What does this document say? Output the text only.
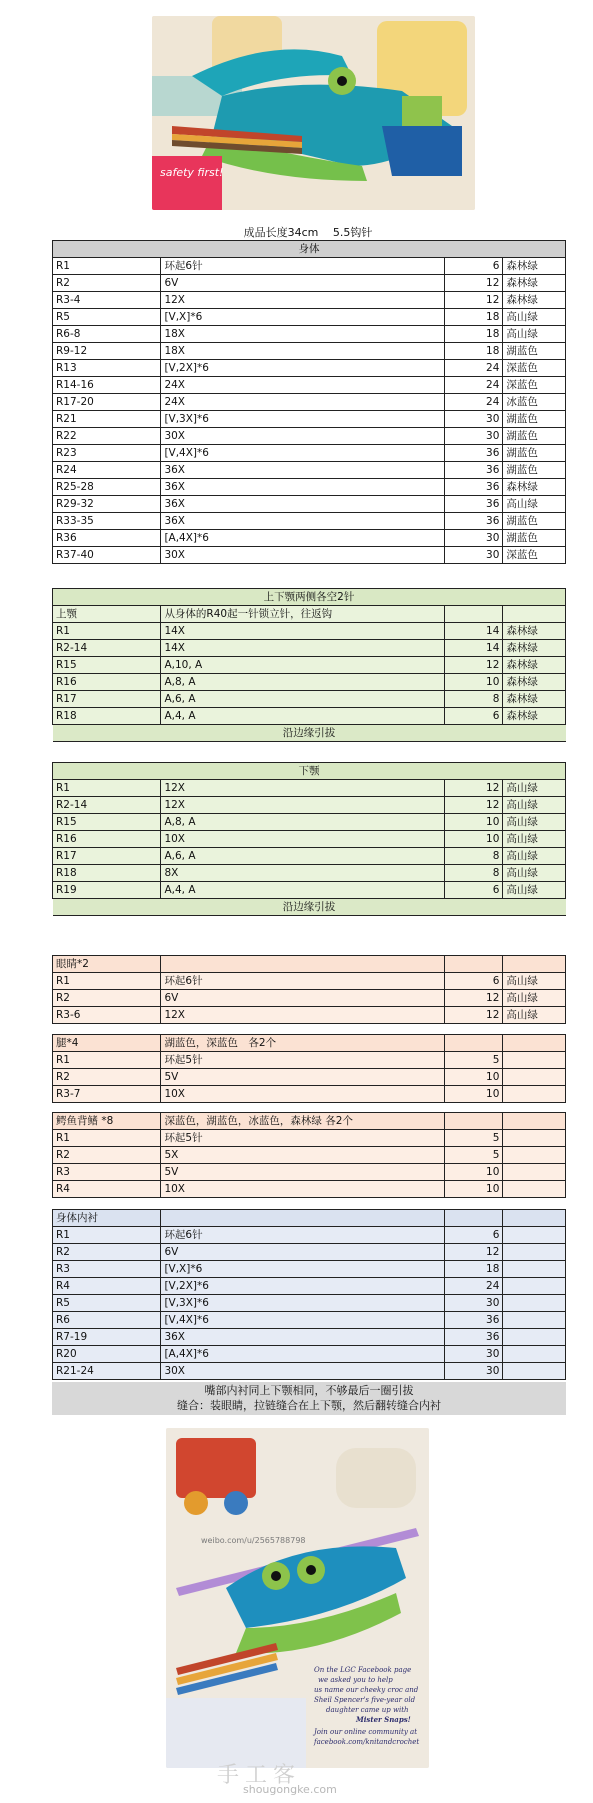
safety first!
成品长度34cm　 5.5钩针
身体			
R1	环起6针	6	森林绿
R2	6V	12	森林绿
R3-4	12X	12	森林绿
R5	[V,X]*6	18	高山绿
R6-8	18X	18	高山绿
R9-12	18X	18	湖蓝色
R13	[V,2X]*6	24	深蓝色
R14-16	24X	24	深蓝色
R17-20	24X	24	冰蓝色
R21	[V,3X]*6	30	湖蓝色
R22	30X	30	湖蓝色
R23	[V,4X]*6	36	湖蓝色
R24	36X	36	湖蓝色
R25-28	36X	36	森林绿
R29-32	36X	36	高山绿
R33-35	36X	36	湖蓝色
R36	[A,4X]*6	30	湖蓝色
R37-40	30X	30	深蓝色
上下颚两侧各空2针			
上颚	从身体的R40起一针锁立针，往返钩		
R1	14X	14	森林绿
R2-14	14X	14	森林绿
R15	A,10, A	12	森林绿
R16	A,8, A	10	森林绿
R17	A,6, A	8	森林绿
R18	A,4, A	6	森林绿
沿边缘引拔			
下颚			
R1	12X	12	高山绿
R2-14	12X	12	高山绿
R15	A,8, A	10	高山绿
R16	10X	10	高山绿
R17	A,6, A	8	高山绿
R18	8X	8	高山绿
R19	A,4, A	6	高山绿
沿边缘引拔			
眼睛*2			
R1	环起6针	6	高山绿
R2	6V	12	高山绿
R3-6	12X	12	高山绿
腿*4	湖蓝色，深蓝色　各2个		
R1	环起5针	5	
R2	5V	10	
R3-7	10X	10	
鳄鱼背鳍 *8	深蓝色，湖蓝色，冰蓝色，森林绿 各2个		
R1	环起5针	5	
R2	5X	5	
R3	5V	10	
R4	10X	10	
身体内衬			
R1	环起6针	6	
R2	6V	12	
R3	[V,X]*6	18	
R4	[V,2X]*6	24	
R5	[V,3X]*6	30	
R6	[V,4X]*6	36	
R7-19	36X	36	
R20	[A,4X]*6	30	
R21-24	30X	30	
嘴部内衬同上下颚相同，不够最后一圈引拔
缝合：装眼睛，拉链缝合在上下颚，然后翻转缝合内衬
weibo.com/u/2565788798
On the LGC Facebook page
we asked you to help
us name our cheeky croc and
Sheil Spencer's five-year old
daughter came up with
Mister Snaps!
Join our online community at
facebook.com/knitandcrochet
手工客
shougongke.com
